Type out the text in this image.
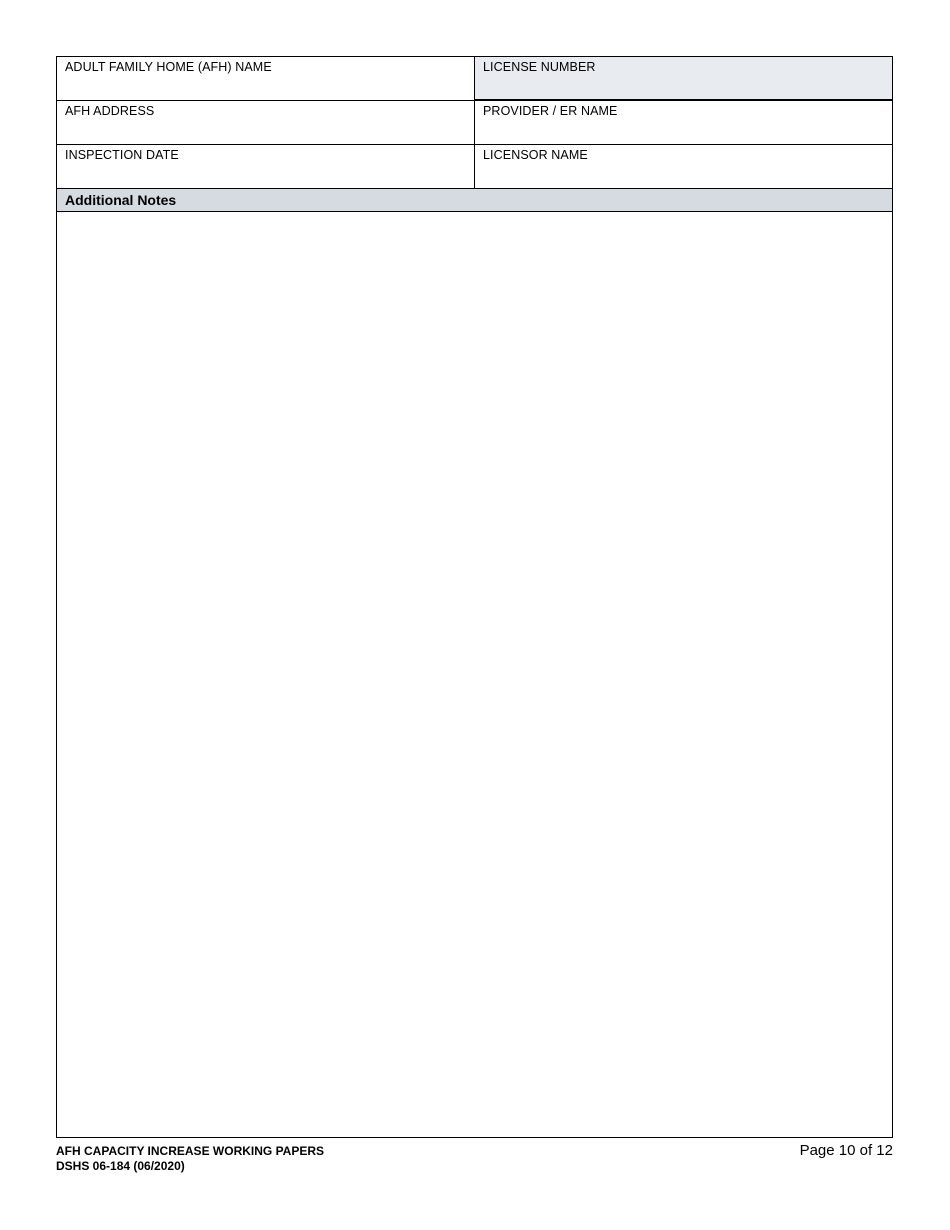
ADULT FAMILY HOME (AFH) NAME	LICENSE NUMBER
AFH ADDRESS	PROVIDER / ER NAME
INSPECTION DATE	LICENSOR NAME
Additional Notes
AFH CAPACITY INCREASE WORKING PAPERS
DSHS 06-184 (06/2020)
Page 10 of 12
